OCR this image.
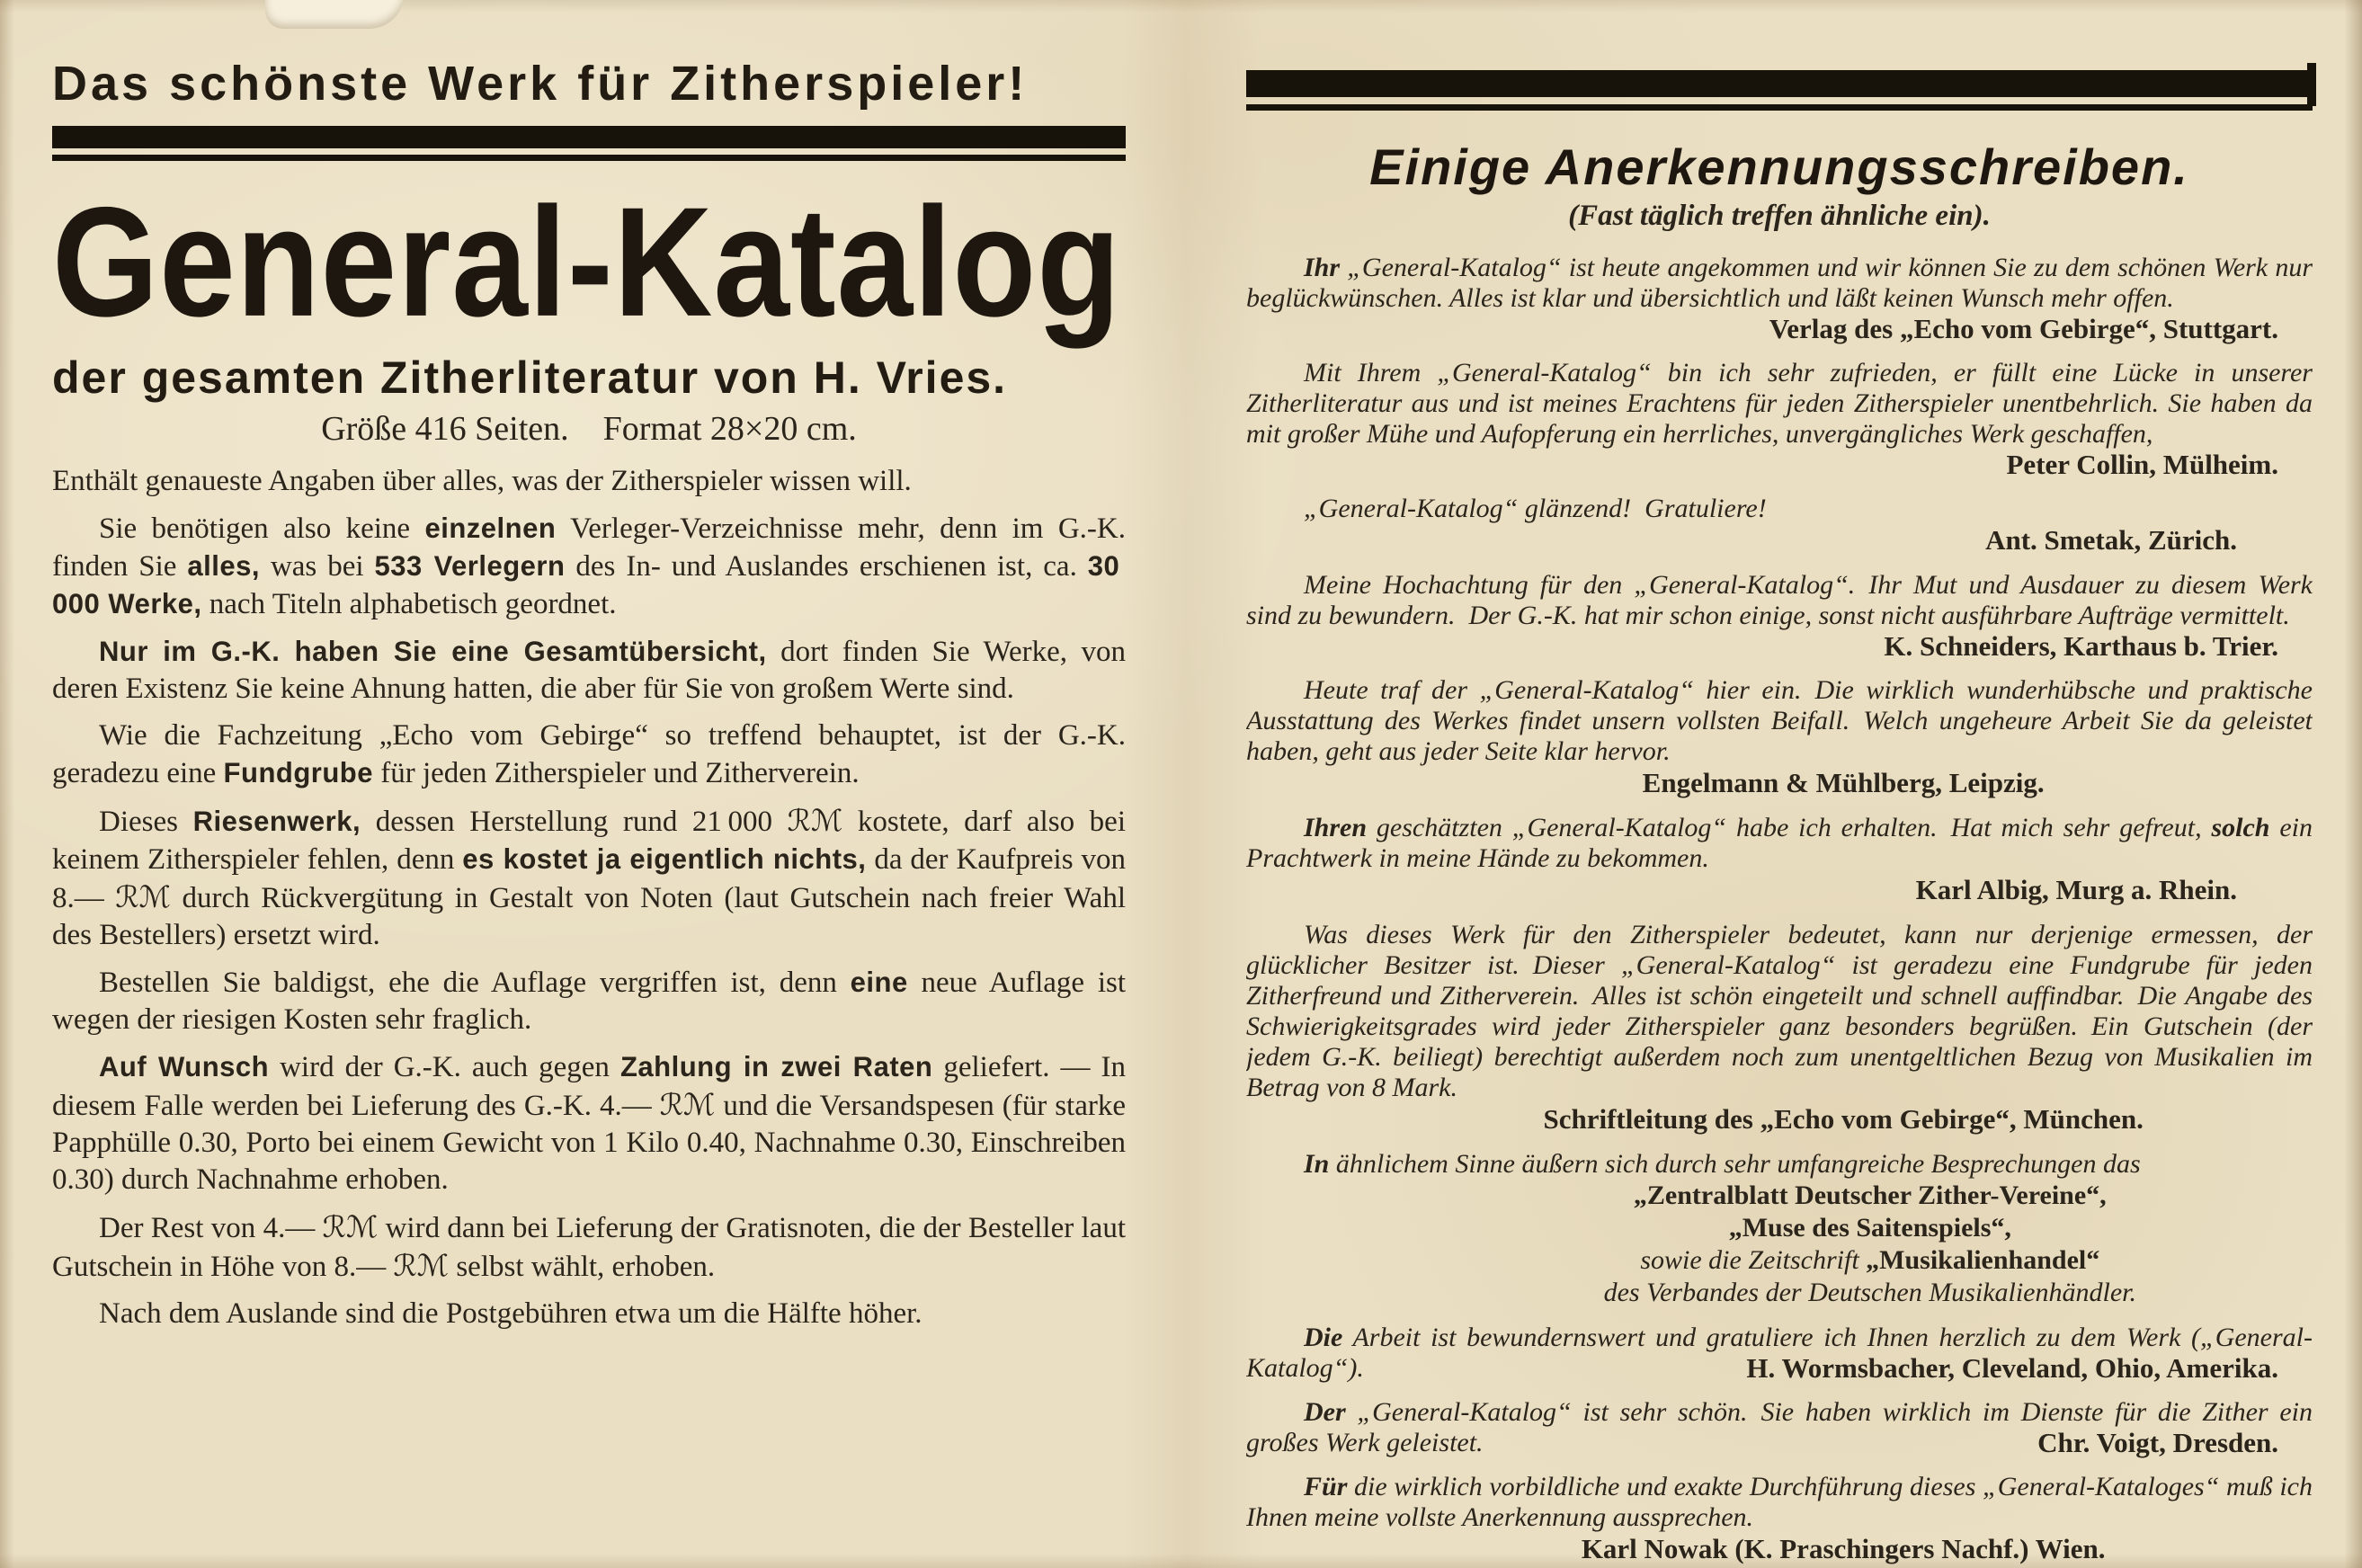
Das schönste Werk für Zitherspieler!
General-Katalog
der gesamten Zitherliteratur von H. Vries.
Größe 416 Seiten. Format 28×20 cm.

Enthält genaueste Angaben über alles, was der Zitherspieler wissen will.

Sie benötigen also keine einzelnen Verleger-Verzeichnisse mehr, denn im G.-K. finden Sie alles, was bei 533 Verlegern des In- und Auslandes erschienen ist, ca. 30 000 Werke, nach Titeln alphabetisch geordnet.

Nur im G.-K. haben Sie eine Gesamtübersicht, dort finden Sie Werke, von deren Existenz Sie keine Ahnung hatten, die aber für Sie von großem Werte sind.

Wie die Fachzeitung „Echo vom Gebirge“ so treffend behauptet, ist der G.-K. geradezu eine Fundgrube für jeden Zitherspieler und Zitherverein.

Dieses Riesenwerk, dessen Herstellung rund 21 000 ℛℳ kostete, darf also bei keinem Zitherspieler fehlen, denn es kostet ja eigentlich nichts, da der Kaufpreis von 8.— ℛℳ durch Rückvergütung in Gestalt von Noten (laut Gutschein nach freier Wahl des Bestellers) ersetzt wird.

Bestellen Sie baldigst, ehe die Auflage vergriffen ist, denn eine neue Auflage ist wegen der riesigen Kosten sehr fraglich.

Auf Wunsch wird der G.-K. auch gegen Zahlung in zwei Raten geliefert. — In diesem Falle werden bei Lieferung des G.-K. 4.— ℛℳ und die Versandspesen (für starke Papphülle 0.30, Porto bei einem Gewicht von 1 Kilo 0.40, Nachnahme 0.30, Einschreiben 0.30) durch Nachnahme erhoben.

Der Rest von 4.— ℛℳ wird dann bei Lieferung der Gratisnoten, die der Besteller laut Gutschein in Höhe von 8.— ℛℳ selbst wählt, erhoben.

Nach dem Auslande sind die Postgebühren etwa um die Hälfte höher.

Einige Anerkennungsschreiben.
(Fast täglich treffen ähnliche ein).

Ihr „General-Katalog“ ist heute angekommen und wir können Sie zu dem schönen Werk nur beglückwünschen. Alles ist klar und übersichtlich und läßt keinen Wunsch mehr offen.
Verlag des „Echo vom Gebirge“, Stuttgart.

Mit Ihrem „General-Katalog“ bin ich sehr zufrieden, er füllt eine Lücke in unserer Zitherliteratur aus und ist meines Erachtens für jeden Zitherspieler unentbehrlich. Sie haben da mit großer Mühe und Aufopferung ein herrliches, unvergängliches Werk geschaffen,
Peter Collin, Mülheim.

„General-Katalog“ glänzend! Gratuliere!

Ant. Smetak, Zürich.

Meine Hochachtung für den „General-Katalog“. Ihr Mut und Ausdauer zu diesem Werk sind zu bewundern. Der G.-K. hat mir schon einige, sonst nicht ausführbare Aufträge vermittelt.
K. Schneiders, Karthaus b. Trier.

Heute traf der „General-Katalog“ hier ein. Die wirklich wunderhübsche und praktische Ausstattung des Werkes findet unsern vollsten Beifall. Welch ungeheure Arbeit Sie da geleistet haben, geht aus jeder Seite klar hervor.

Engelmann & Mühlberg, Leipzig.

Ihren geschätzten „General-Katalog“ habe ich erhalten. Hat mich sehr gefreut, solch ein Prachtwerk in meine Hände zu bekommen.

Karl Albig, Murg a. Rhein.

Was dieses Werk für den Zitherspieler bedeutet, kann nur derjenige ermessen, der glücklicher Besitzer ist. Dieser „General-Katalog“ ist geradezu eine Fundgrube für jeden Zitherfreund und Zitherverein. Alles ist schön eingeteilt und schnell auffindbar. Die Angabe des Schwierigkeitsgrades wird jeder Zitherspieler ganz besonders begrüßen. Ein Gutschein (der jedem G.-K. beiliegt) berechtigt außerdem noch zum unentgeltlichen Bezug von Musikalien im Betrag von 8 Mark.

Schriftleitung des „Echo vom Gebirge“, München.

In ähnlichem Sinne äußern sich durch sehr umfangreiche Besprechungen das

„Zentralblatt Deutscher Zither-Vereine“,
„Muse des Saitenspiels“,
sowie die Zeitschrift „Musikalienhandel“
des Verbandes der Deutschen Musikalienhändler.

Die Arbeit ist bewundernswert und gratuliere ich Ihnen herzlich zu dem Werk („General-Katalog“).	H. Wormsbacher, Cleveland, Ohio, Amerika.

Der „General-Katalog“ ist sehr schön. Sie haben wirklich im Dienste für die Zither ein großes Werk geleistet.	Chr. Voigt, Dresden.

Für die wirklich vorbildliche und exakte Durchführung dieses „General-Kataloges“ muß ich Ihnen meine vollste Anerkennung aussprechen.

Karl Nowak (K. Praschingers Nachf.) Wien.
